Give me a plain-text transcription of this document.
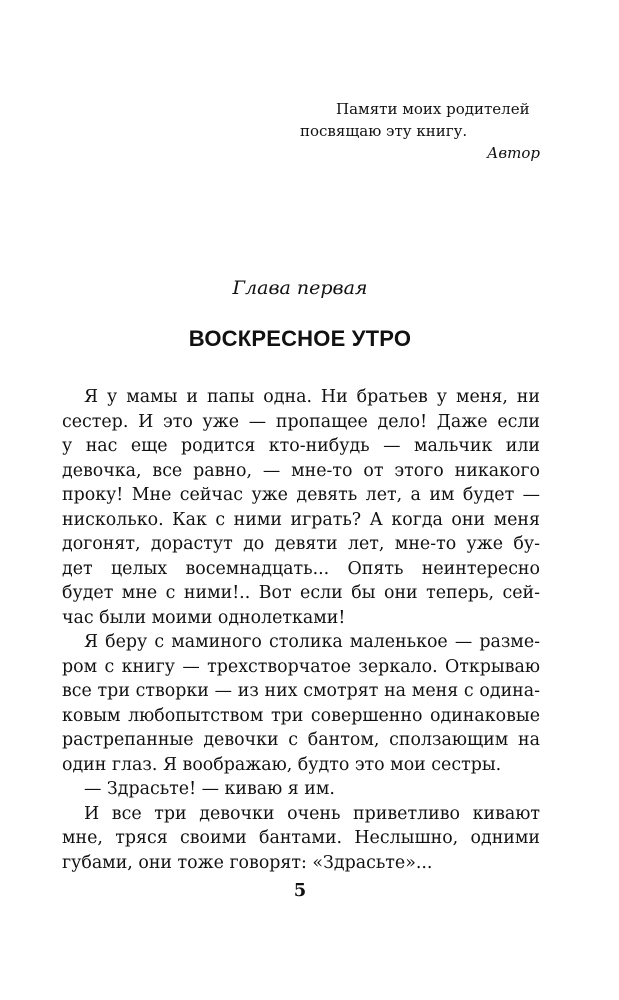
Памяти моих родителей
посвящаю эту книгу.
Автор
Глава первая
ВОСКРЕСНОЕ УТРО
Я у мамы и папы одна. Ни братьев у меня, ни
сестер. И это уже — пропащее дело! Даже если
у нас еще родится кто-нибудь — мальчик или
девочка, все равно, — мне-то от этого никакого
проку! Мне сейчас уже девять лет, а им будет —
нисколько. Как с ними играть? А когда они меня
догонят, дорастут до девяти лет, мне-то уже бу-
дет целых восемнадцать... Опять неинтересно
будет мне с ними!.. Вот если бы они теперь, сей-
час были моими однолетками!
Я беру с маминого столика маленькое — разме-
ром с книгу — трехстворчатое зеркало. Открываю
все три створки — из них смотрят на меня с одина-
ковым любопытством три совершенно одинаковые
растрепанные девочки с бантом, сползающим на
один глаз. Я воображаю, будто это мои сестры.
— Здрасьте! — киваю я им.
И все три девочки очень приветливо кивают
мне, тряся своими бантами. Неслышно, одними
губами, они тоже говорят: «Здрасьте»...
5
